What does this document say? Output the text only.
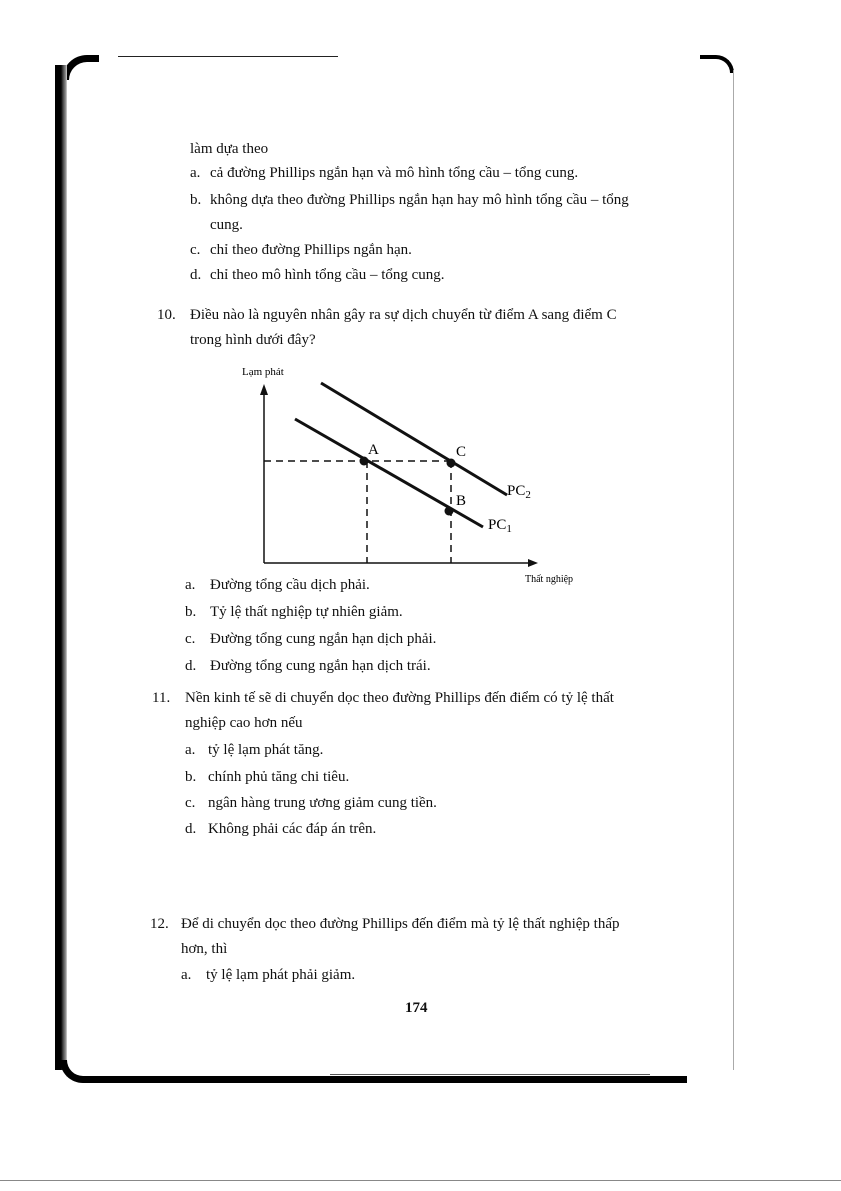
làm dựa theo
a. cả đường Phillips ngắn hạn và mô hình tổng cầu – tổng cung.
b. không dựa theo đường Phillips ngắn hạn hay mô hình tổng cầu – tổng
cung.
c. chỉ theo đường Phillips ngắn hạn.
d. chỉ theo mô hình tổng cầu – tổng cung.
10. Điều nào là nguyên nhân gây ra sự dịch chuyển từ điểm A sang điểm C
trong hình dưới đây?
Lạm phát
Thất nghiệp
A	C
B
$PC_2$
$PC_1$
a. Đường tổng cầu dịch phải.
b. Tỷ lệ thất nghiệp tự nhiên giảm.
c. Đường tổng cung ngắn hạn dịch phải.
d. Đường tổng cung ngắn hạn dịch trái.
11. Nền kinh tế sẽ di chuyển dọc theo đường Phillips đến điểm có tỷ lệ thất
nghiệp cao hơn nếu
a. tỷ lệ lạm phát tăng.
b. chính phủ tăng chi tiêu.
c. ngân hàng trung ương giảm cung tiền.
d. Không phải các đáp án trên.
12. Để di chuyển dọc theo đường Phillips đến điểm mà tỷ lệ thất nghiệp thấp
hơn, thì
a. tỷ lệ lạm phát phải giảm.
174
